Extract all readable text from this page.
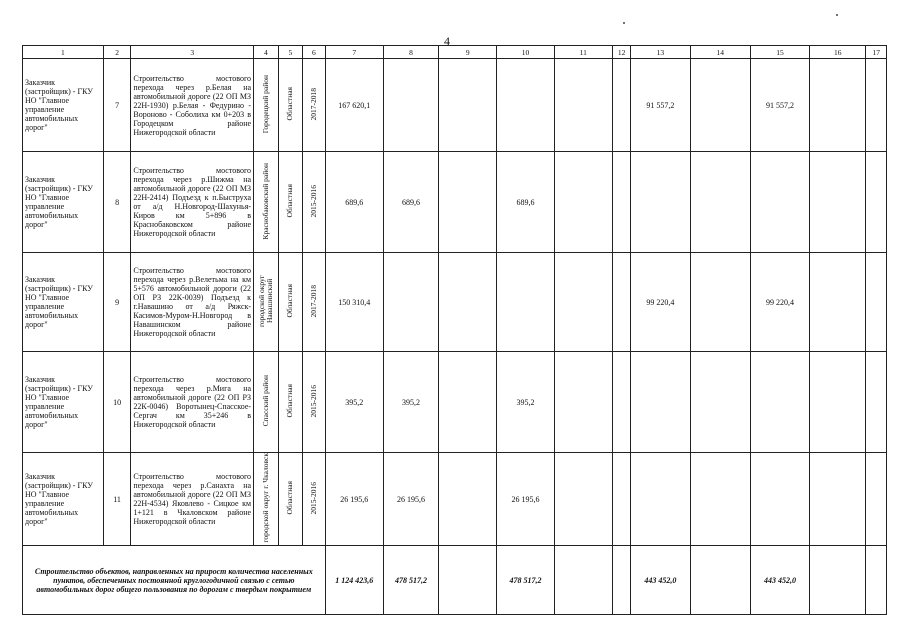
4
1	2	3	4	5	6	7	8	9	10	11	12	13	14	15	16	17
Заказчик (застройщик) - ГКУ НО "Главное управление автомобильных дорог"	7	Строительство мостового перехода через р.Белая на автомобильной дороге (22 ОП МЗ 22Н-1930) р.Белая - Федурино - Вороново - Соболиха км 0+203 в Городецком районе Нижегородской области	Городецкий район	Областная	2017-2018	167 620,1						91 557,2		91 557,2		
Заказчик (застройщик) - ГКУ НО "Главное управление автомобильных дорог"	8	Строительство мостового перехода через р.Шижма на автомобильной дороге (22 ОП МЗ 22Н-2414) Подъезд к п.Быструха от а/д Н.Новгород-Шахунья-Киров км 5+896 в Краснобаковском районе Нижегородской области	Краснобаковский район	Областная	2015-2016	689,6	689,6		689,6							
Заказчик (застройщик) - ГКУ НО "Главное управление автомобильных дорог"	9	Строительство мостового перехода через р.Велетьма на км 5+576 автомобильной дороги (22 ОП РЗ 22К-0039) Подъезд к г.Навашино от а/д Ряжск-Касимов-Муром-Н.Новгород в Навашинском районе Нижегородской области	городской округ Навашинский	Областная	2017-2018	150 310,4						99 220,4		99 220,4		
Заказчик (застройщик) - ГКУ НО "Главное управление автомобильных дорог"	10	Строительство мостового перехода через р.Мига на автомобильной дороге (22 ОП РЗ 22К-0046) Воротынец-Спасское-Сергач км 35+246 в Нижегородской области	Спасский район	Областная	2015-2016	395,2	395,2		395,2							
Заказчик (застройщик) - ГКУ НО "Главное управление автомобильных дорог"	11	Строительство мостового перехода через р.Санахта на автомобильной дороге (22 ОП МЗ 22Н-4534) Яковлево - Сицкое км 1+121 в Чкаловском районе Нижегородской области	городской округ г. Чкаловск	Областная	2015-2016	26 195,6	26 195,6		26 195,6							
Строительство объектов, направленных на прирост количества населенных пунктов, обеспеченных постоянной круглогодичной связью с сетью автомобильных дорог общего пользования по дорогам с твердым покрытием						1 124 423,6	478 517,2		478 517,2			443 452,0		443 452,0		
